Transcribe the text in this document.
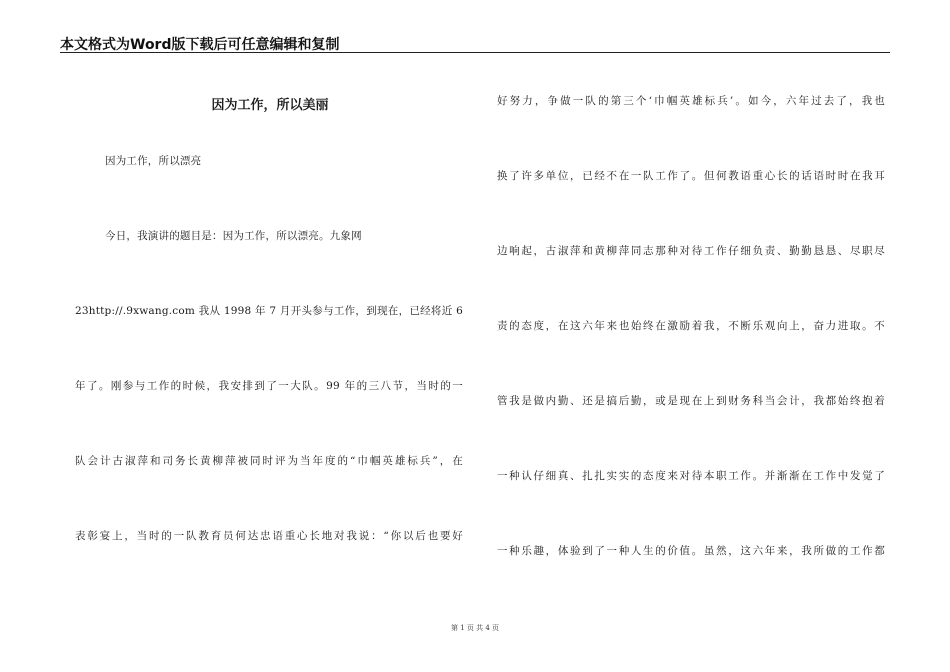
本文格式为Word版下载后可任意编辑和复制
因为工作，所以美丽
因为工作，所以漂亮
今日，我演讲的题目是：因为工作，所以漂亮。九象网
23http://.9xwang.com 我从 1998 年 7 月开头参与工作，到现在，已经将近 6
年了。刚参与工作的时候，我安排到了一大队。99 年的三八节，当时的一
队会计古淑萍和司务长黄柳萍被同时评为当年度的“巾帼英雄标兵”，在
表彰宴上，当时的一队教育员何达忠语重心长地对我说：“你以后也要好
好努力，争做一队的第三个‘巾帼英雄标兵’。如今，六年过去了，我也
换了许多单位，已经不在一队工作了。但何教语重心长的话语时时在我耳
边响起，古淑萍和黄柳萍同志那种对待工作仔细负责、勤勤恳恳、尽职尽
责的态度，在这六年来也始终在激励着我，不断乐观向上，奋力进取。不
管我是做内勤、还是搞后勤，或是现在上到财务科当会计，我都始终抱着
一种认仔细真、扎扎实实的态度来对待本职工作。并渐渐在工作中发觉了
一种乐趣，体验到了一种人生的价值。虽然，这六年来，我所做的工作都
第 1 页 共 4 页
